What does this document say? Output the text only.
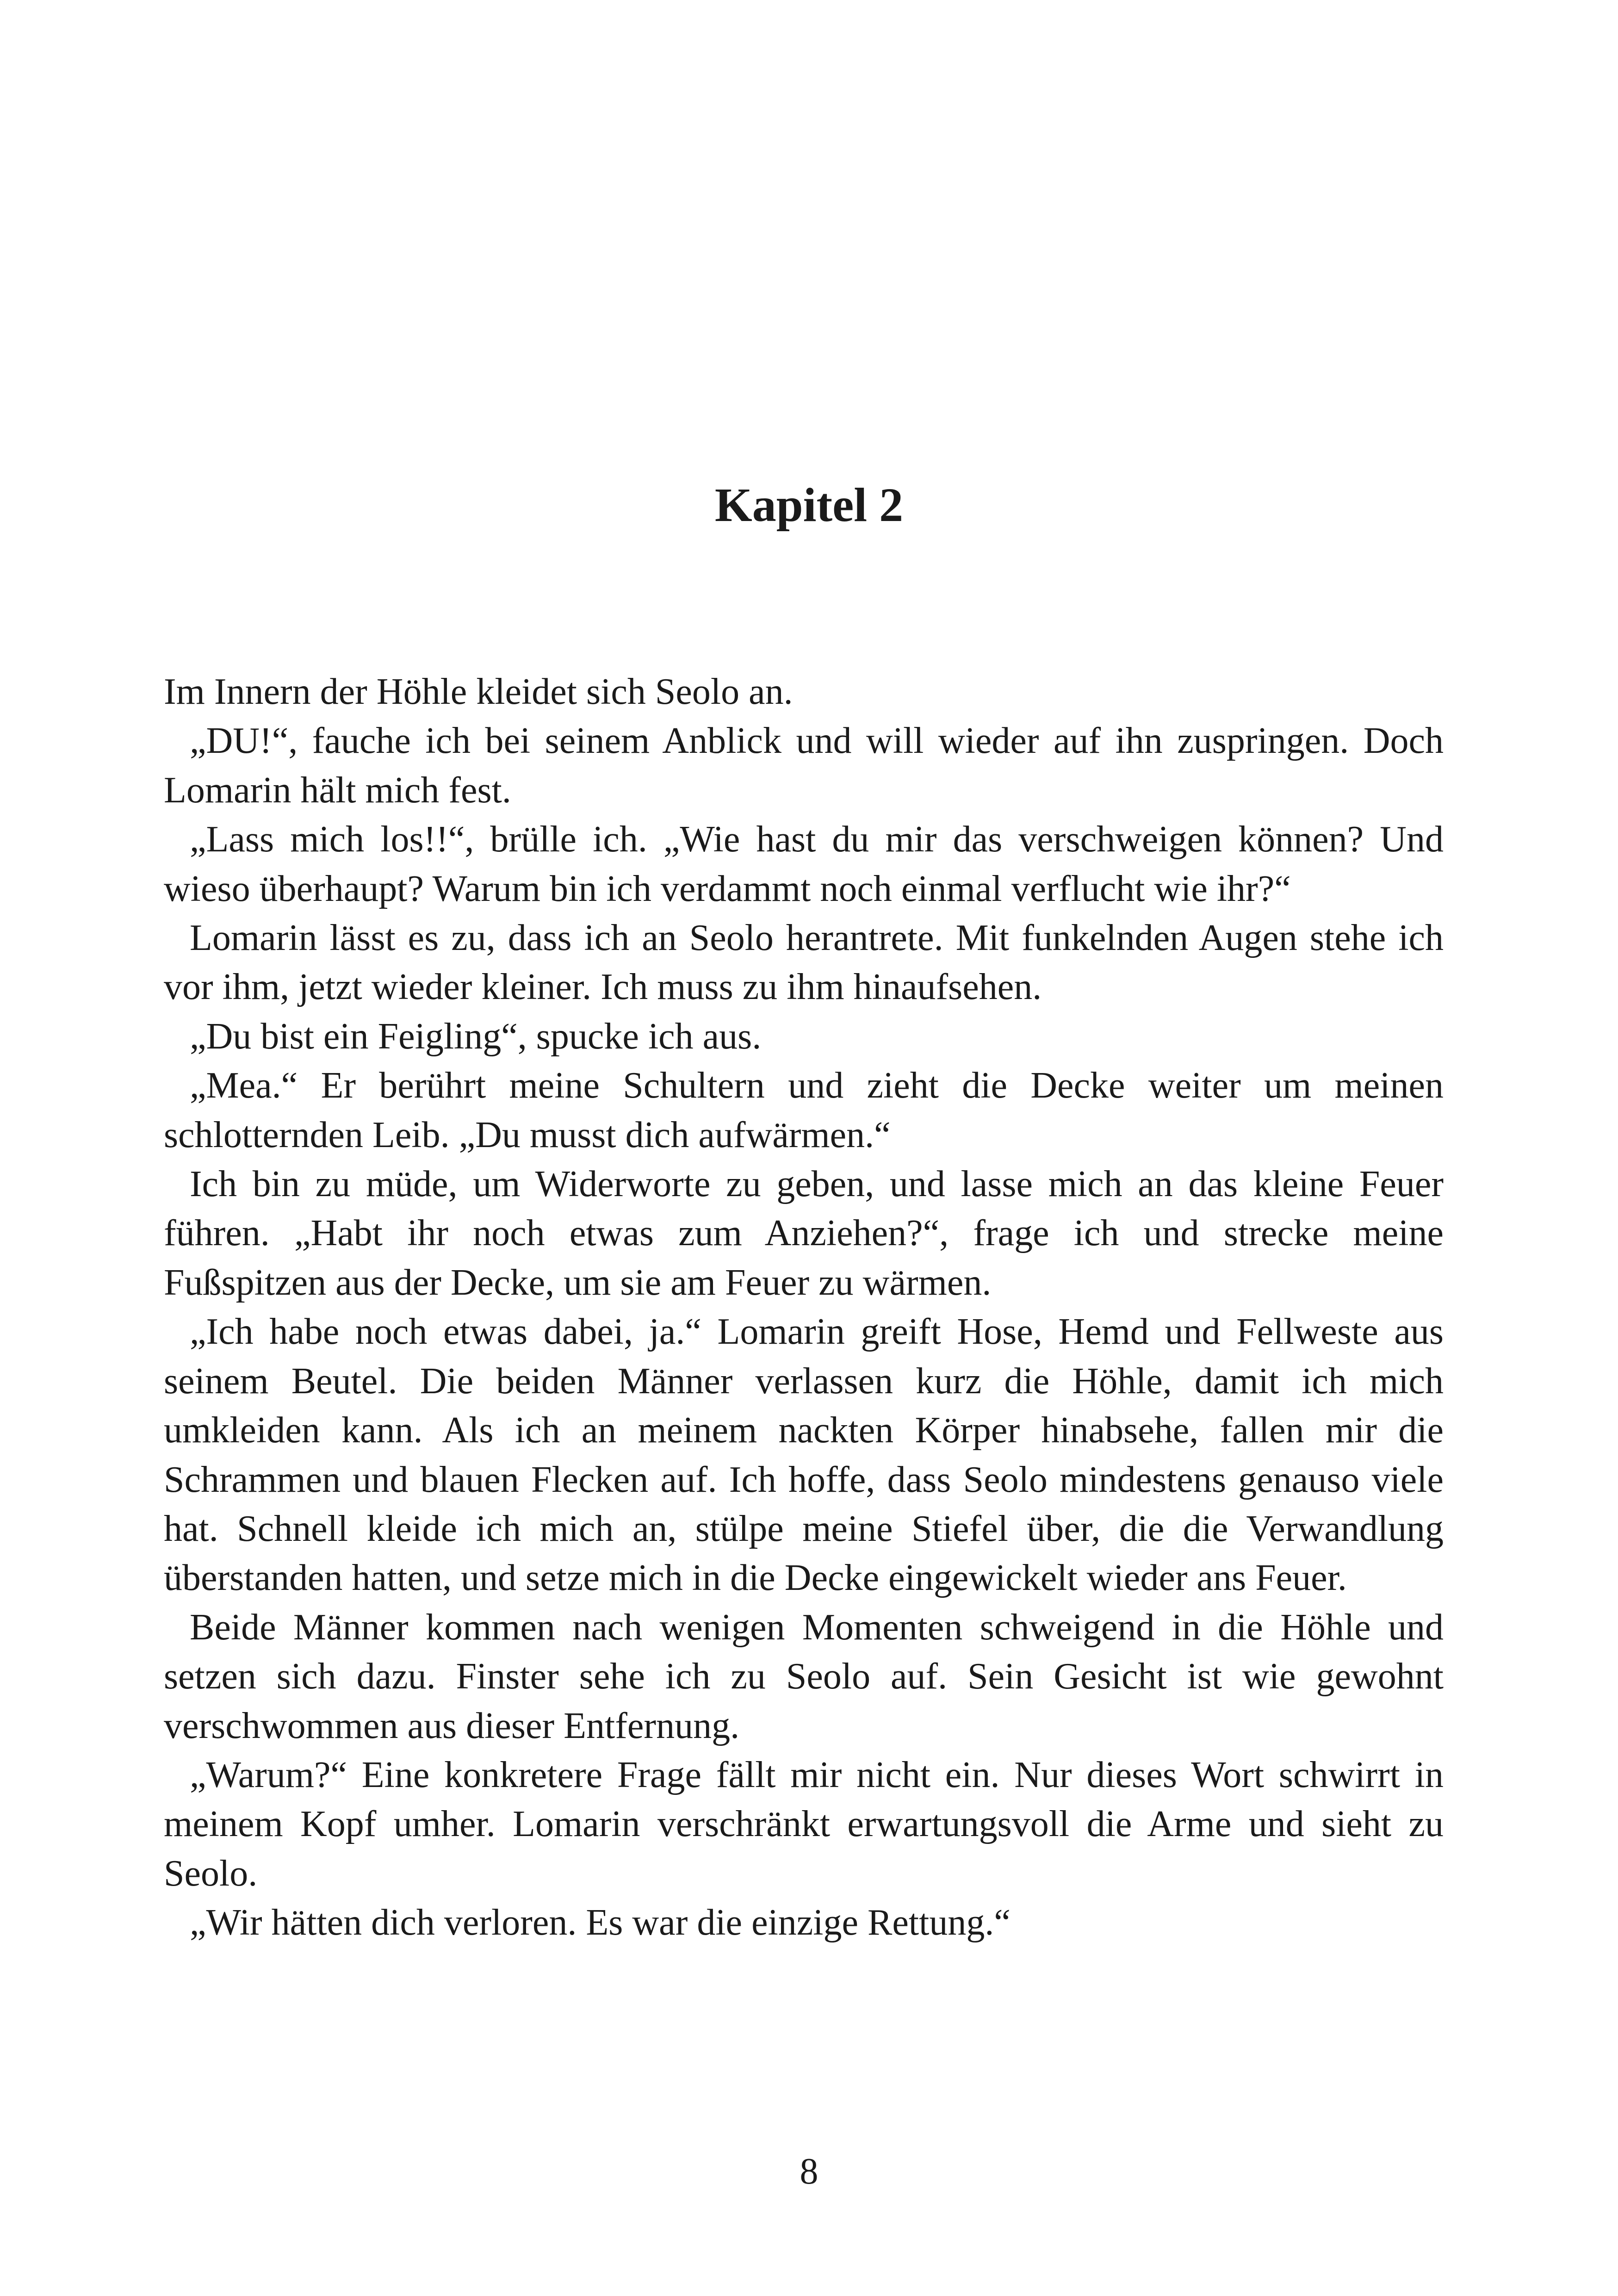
Kapitel 2

Im Innern der Höhle kleidet sich Seolo an.

„DU!“, fauche ich bei seinem Anblick und will wieder auf ihn zuspringen. Doch Lomarin hält mich fest.

„Lass mich los!!“, brülle ich. „Wie hast du mir das verschweigen können? Und wieso überhaupt? Warum bin ich verdammt noch einmal verflucht wie ihr?“

Lomarin lässt es zu, dass ich an Seolo herantrete. Mit funkelnden Augen stehe ich vor ihm, jetzt wieder kleiner. Ich muss zu ihm hinaufsehen.

„Du bist ein Feigling“, spucke ich aus.

„Mea.“ Er berührt meine Schultern und zieht die Decke weiter um meinen schlotternden Leib. „Du musst dich aufwärmen.“

Ich bin zu müde, um Widerworte zu geben, und lasse mich an das kleine Feuer führen. „Habt ihr noch etwas zum Anziehen?“, frage ich und strecke meine Fußspitzen aus der Decke, um sie am Feuer zu wärmen.

„Ich habe noch etwas dabei, ja.“ Lomarin greift Hose, Hemd und Fellweste aus seinem Beutel. Die beiden Männer verlassen kurz die Höhle, damit ich mich umkleiden kann. Als ich an meinem nackten Körper hinabsehe, fallen mir die Schrammen und blauen Flecken auf. Ich hoffe, dass Seolo mindestens genauso viele hat. Schnell kleide ich mich an, stülpe meine Stiefel über, die die Verwandlung überstanden hatten, und setze mich in die Decke eingewickelt wieder ans Feuer.

Beide Männer kommen nach wenigen Momenten schweigend in die Höhle und setzen sich dazu. Finster sehe ich zu Seolo auf. Sein Gesicht ist wie gewohnt verschwommen aus dieser Entfernung.

„Warum?“ Eine konkretere Frage fällt mir nicht ein. Nur dieses Wort schwirrt in meinem Kopf umher. Lomarin verschränkt erwartungsvoll die Arme und sieht zu Seolo.

„Wir hätten dich verloren. Es war die einzige Rettung.“

8
